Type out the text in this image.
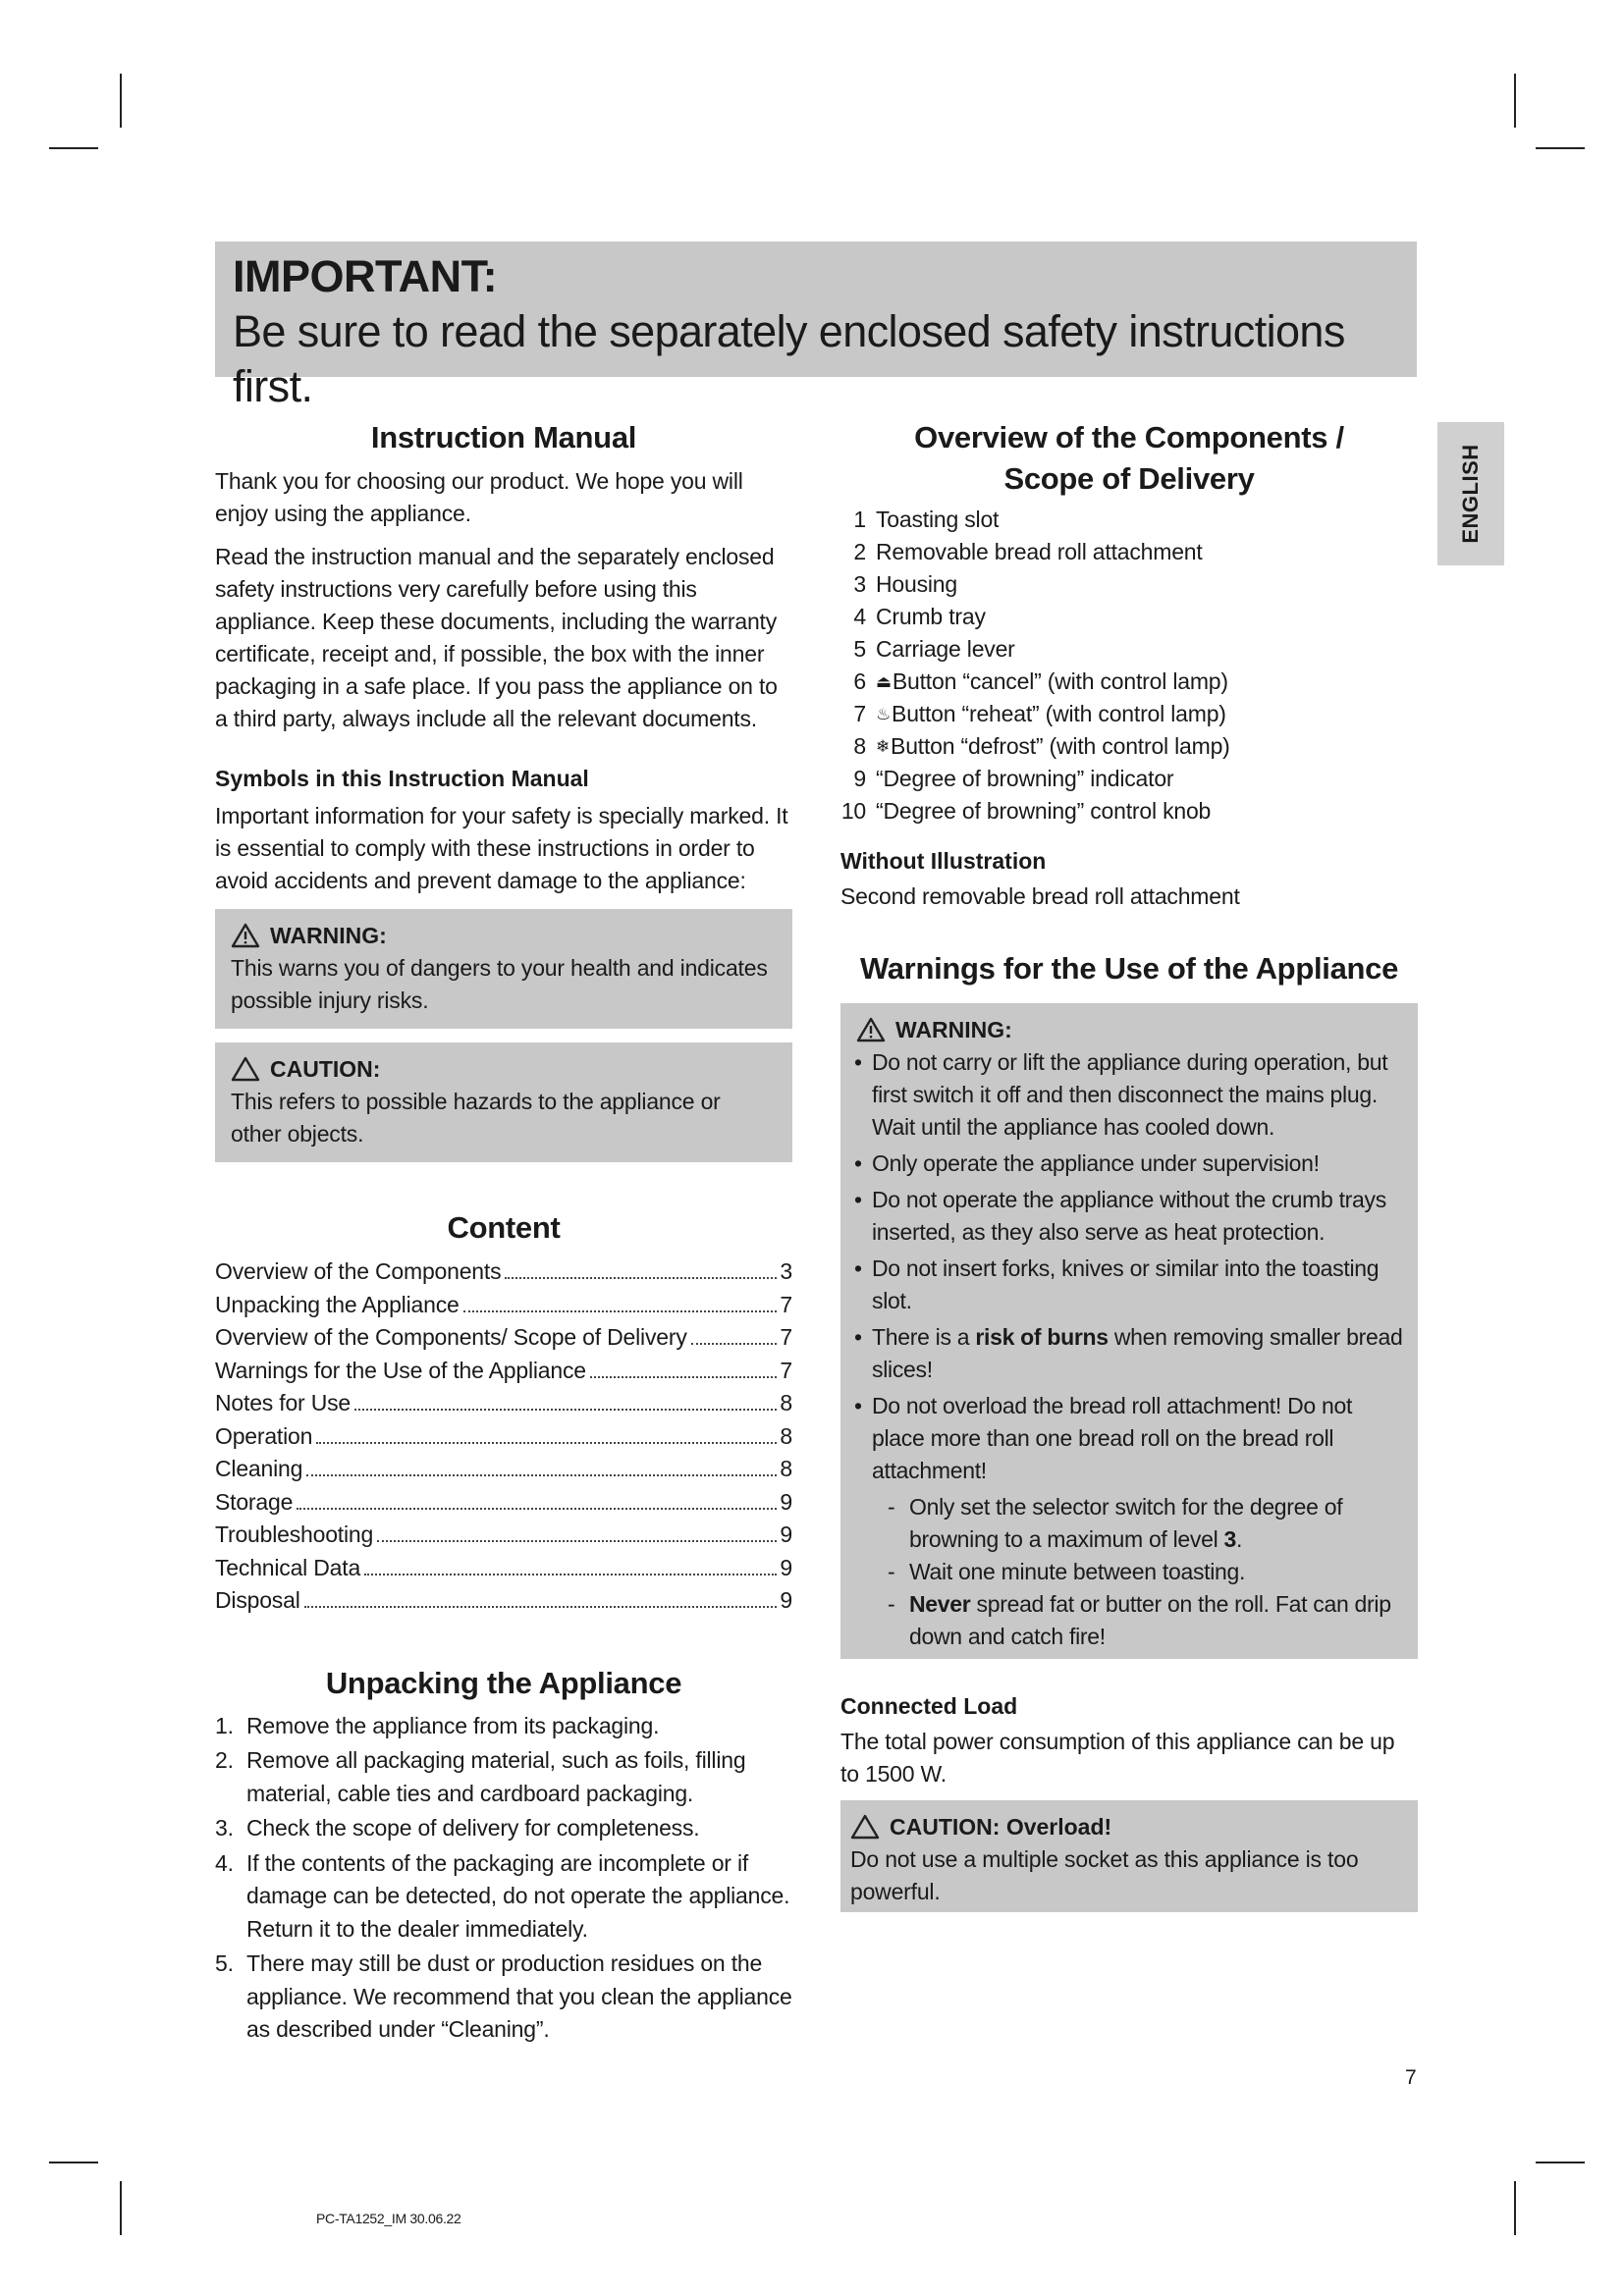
IMPORTANT:
Be sure to read the separately enclosed safety instructions first.
ENGLISH
Instruction Manual

Thank you for choosing our product. We hope you will enjoy using the appliance.

Read the instruction manual and the separately enclosed safety instructions very carefully before using this appliance. Keep these documents, including the warranty certificate, receipt and, if possible, the box with the inner packaging in a safe place. If you pass the appliance on to a third party, always include all the relevant documents.

Symbols in this Instruction Manual

Important information for your safety is specially marked. It is essential to comply with these instructions in order to avoid accidents and prevent damage to the appliance:

WARNING:

This warns you of dangers to your health and indicates possible injury risks.

CAUTION:

This refers to possible hazards to the appliance or other objects.

Content
Overview of the Components	3
Unpacking the Appliance	7
Overview of the Components/ Scope of Delivery	7
Warnings for the Use of the Appliance	7
Notes for Use	8
Operation	8
Cleaning	8
Storage	9
Troubleshooting	9
Technical Data	9
Disposal	9
Unpacking the Appliance
1. Remove the appliance from its packaging.
2. Remove all packaging material, such as foils, filling material, cable ties and cardboard packaging.
3. Check the scope of delivery for completeness.
4. If the contents of the packaging are incomplete or if damage can be detected, do not operate the appliance. Return it to the dealer immediately.
5. There may still be dust or production residues on the appliance. We recommend that you clean the appliance as described under “Cleaning”.
Overview of the Components /
Scope of Delivery
1 Toasting slot
2 Removable bread roll attachment
3 Housing
4 Crumb tray
5 Carriage lever
6 ⏏ Button “cancel” (with control lamp)
7 ♨ Button “reheat” (with control lamp)
8 ❄ Button “defrost” (with control lamp)
9 “Degree of browning” indicator
10 “Degree of browning” control knob
Without Illustration

Second removable bread roll attachment

Warnings for the Use of the Appliance
WARNING:
• Do not carry or lift the appliance during operation, but first switch it off and then disconnect the mains plug. Wait until the appliance has cooled down.
• Only operate the appliance under supervision!
• Do not operate the appliance without the crumb trays inserted, as they also serve as heat protection.
• Do not insert forks, knives or similar into the toasting slot.
• There is a risk of burns when removing smaller bread slices!
• Do not overload the bread roll attachment! Do not place more than one bread roll on the bread roll attachment!
- Only set the selector switch for the degree of browning to a maximum of level 3.
- Wait one minute between toasting.
- Never spread fat or butter on the roll. Fat can drip down and catch fire!
Connected Load

The total power consumption of this appliance can be up to 1500 W.

CAUTION: Overload!

Do not use a multiple socket as this appliance is too powerful.

7
PC-TA1252_IM 30.06.22
